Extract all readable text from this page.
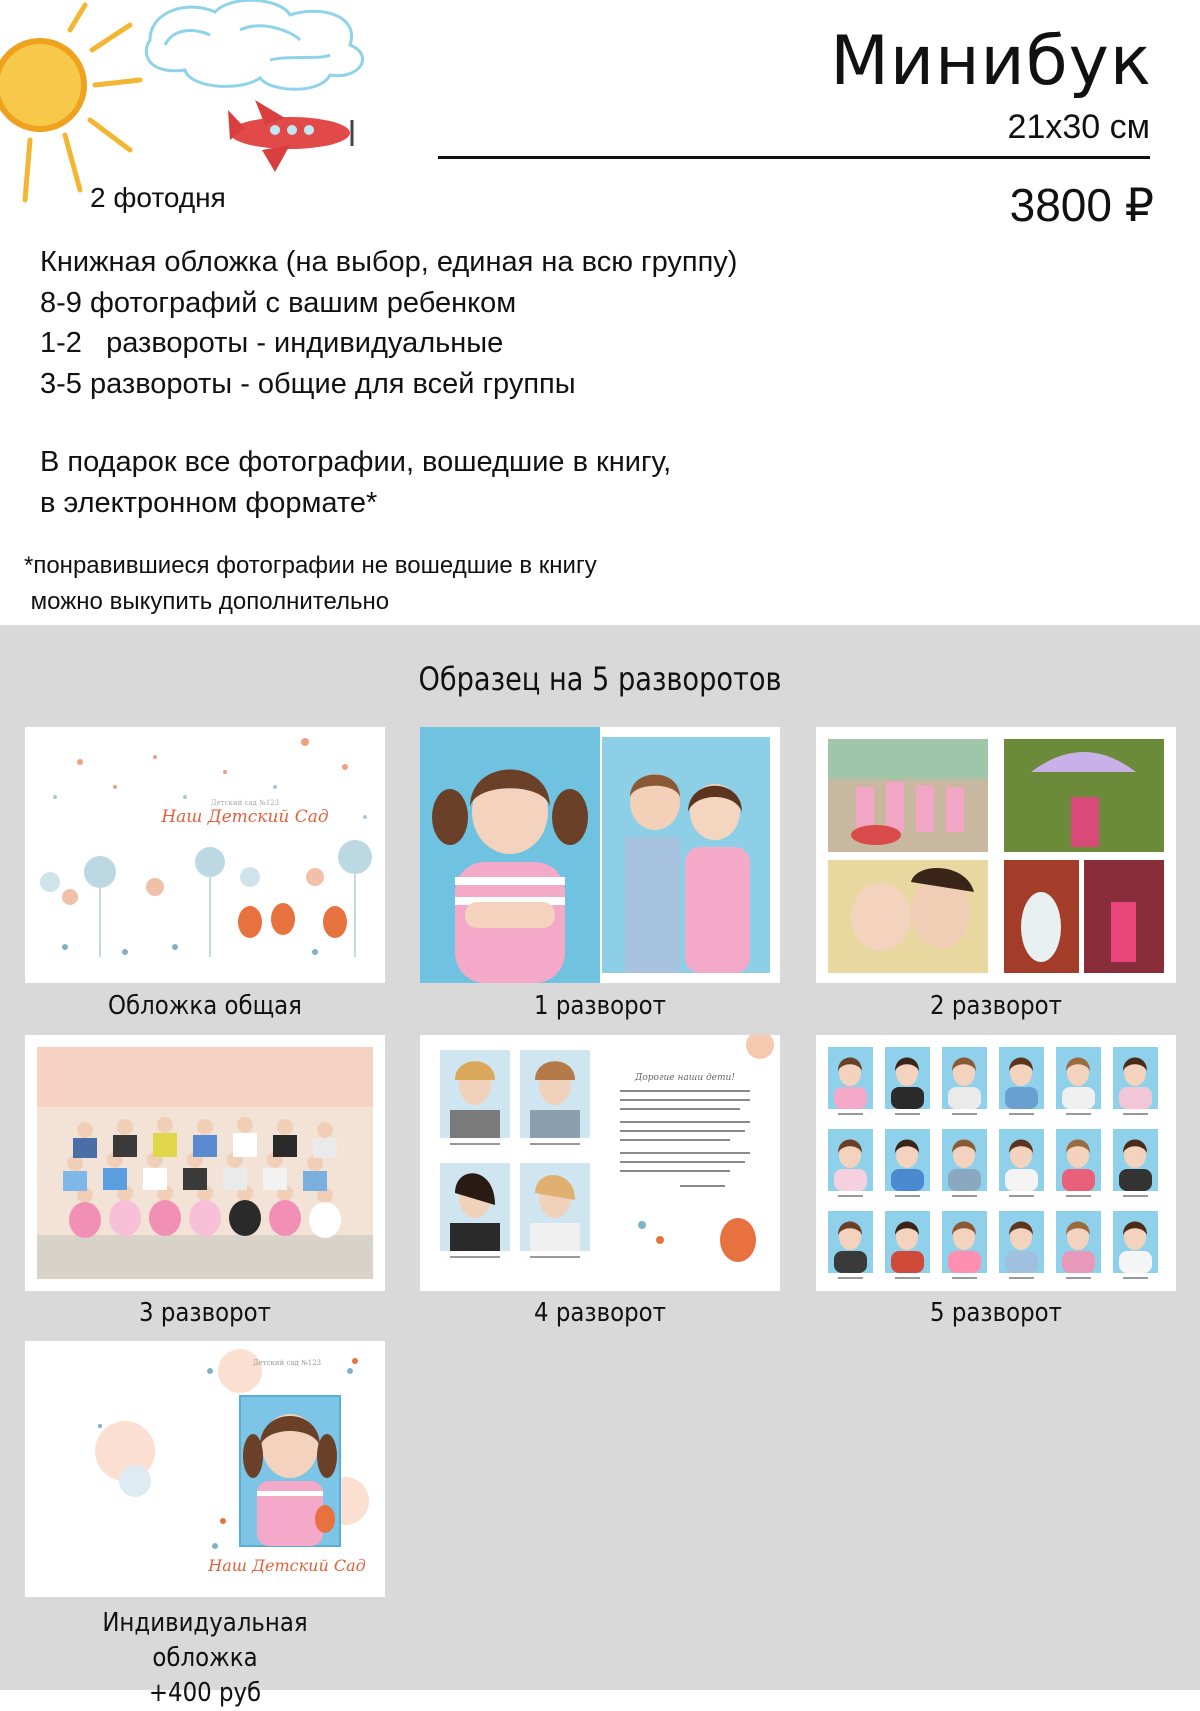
Минибук
21х30 см
3800 ₽
2 фотодня
Книжная обложка (на выбор, единая на всю группу)
8-9 фотографий с вашим ребенком
1-2   развороты - индивидуальные
3-5 развороты - общие для всей группы
В подарок все фотографии, вошедшие в книгу,
в электронном формате*
*понравившиеся фотографии не вошедшие в книгу
можно выкупить дополнительно
Образец на 5 разворотов
Детский сад №123
Наш Детский Сад
Обложка общая	1 разворот	2 разворот
3 разворот
Дорогие наши дети!
4 разворот	5 разворот
Детский сад №123
Наш Детский Сад
Индивидуальная обложка
+400 руб
